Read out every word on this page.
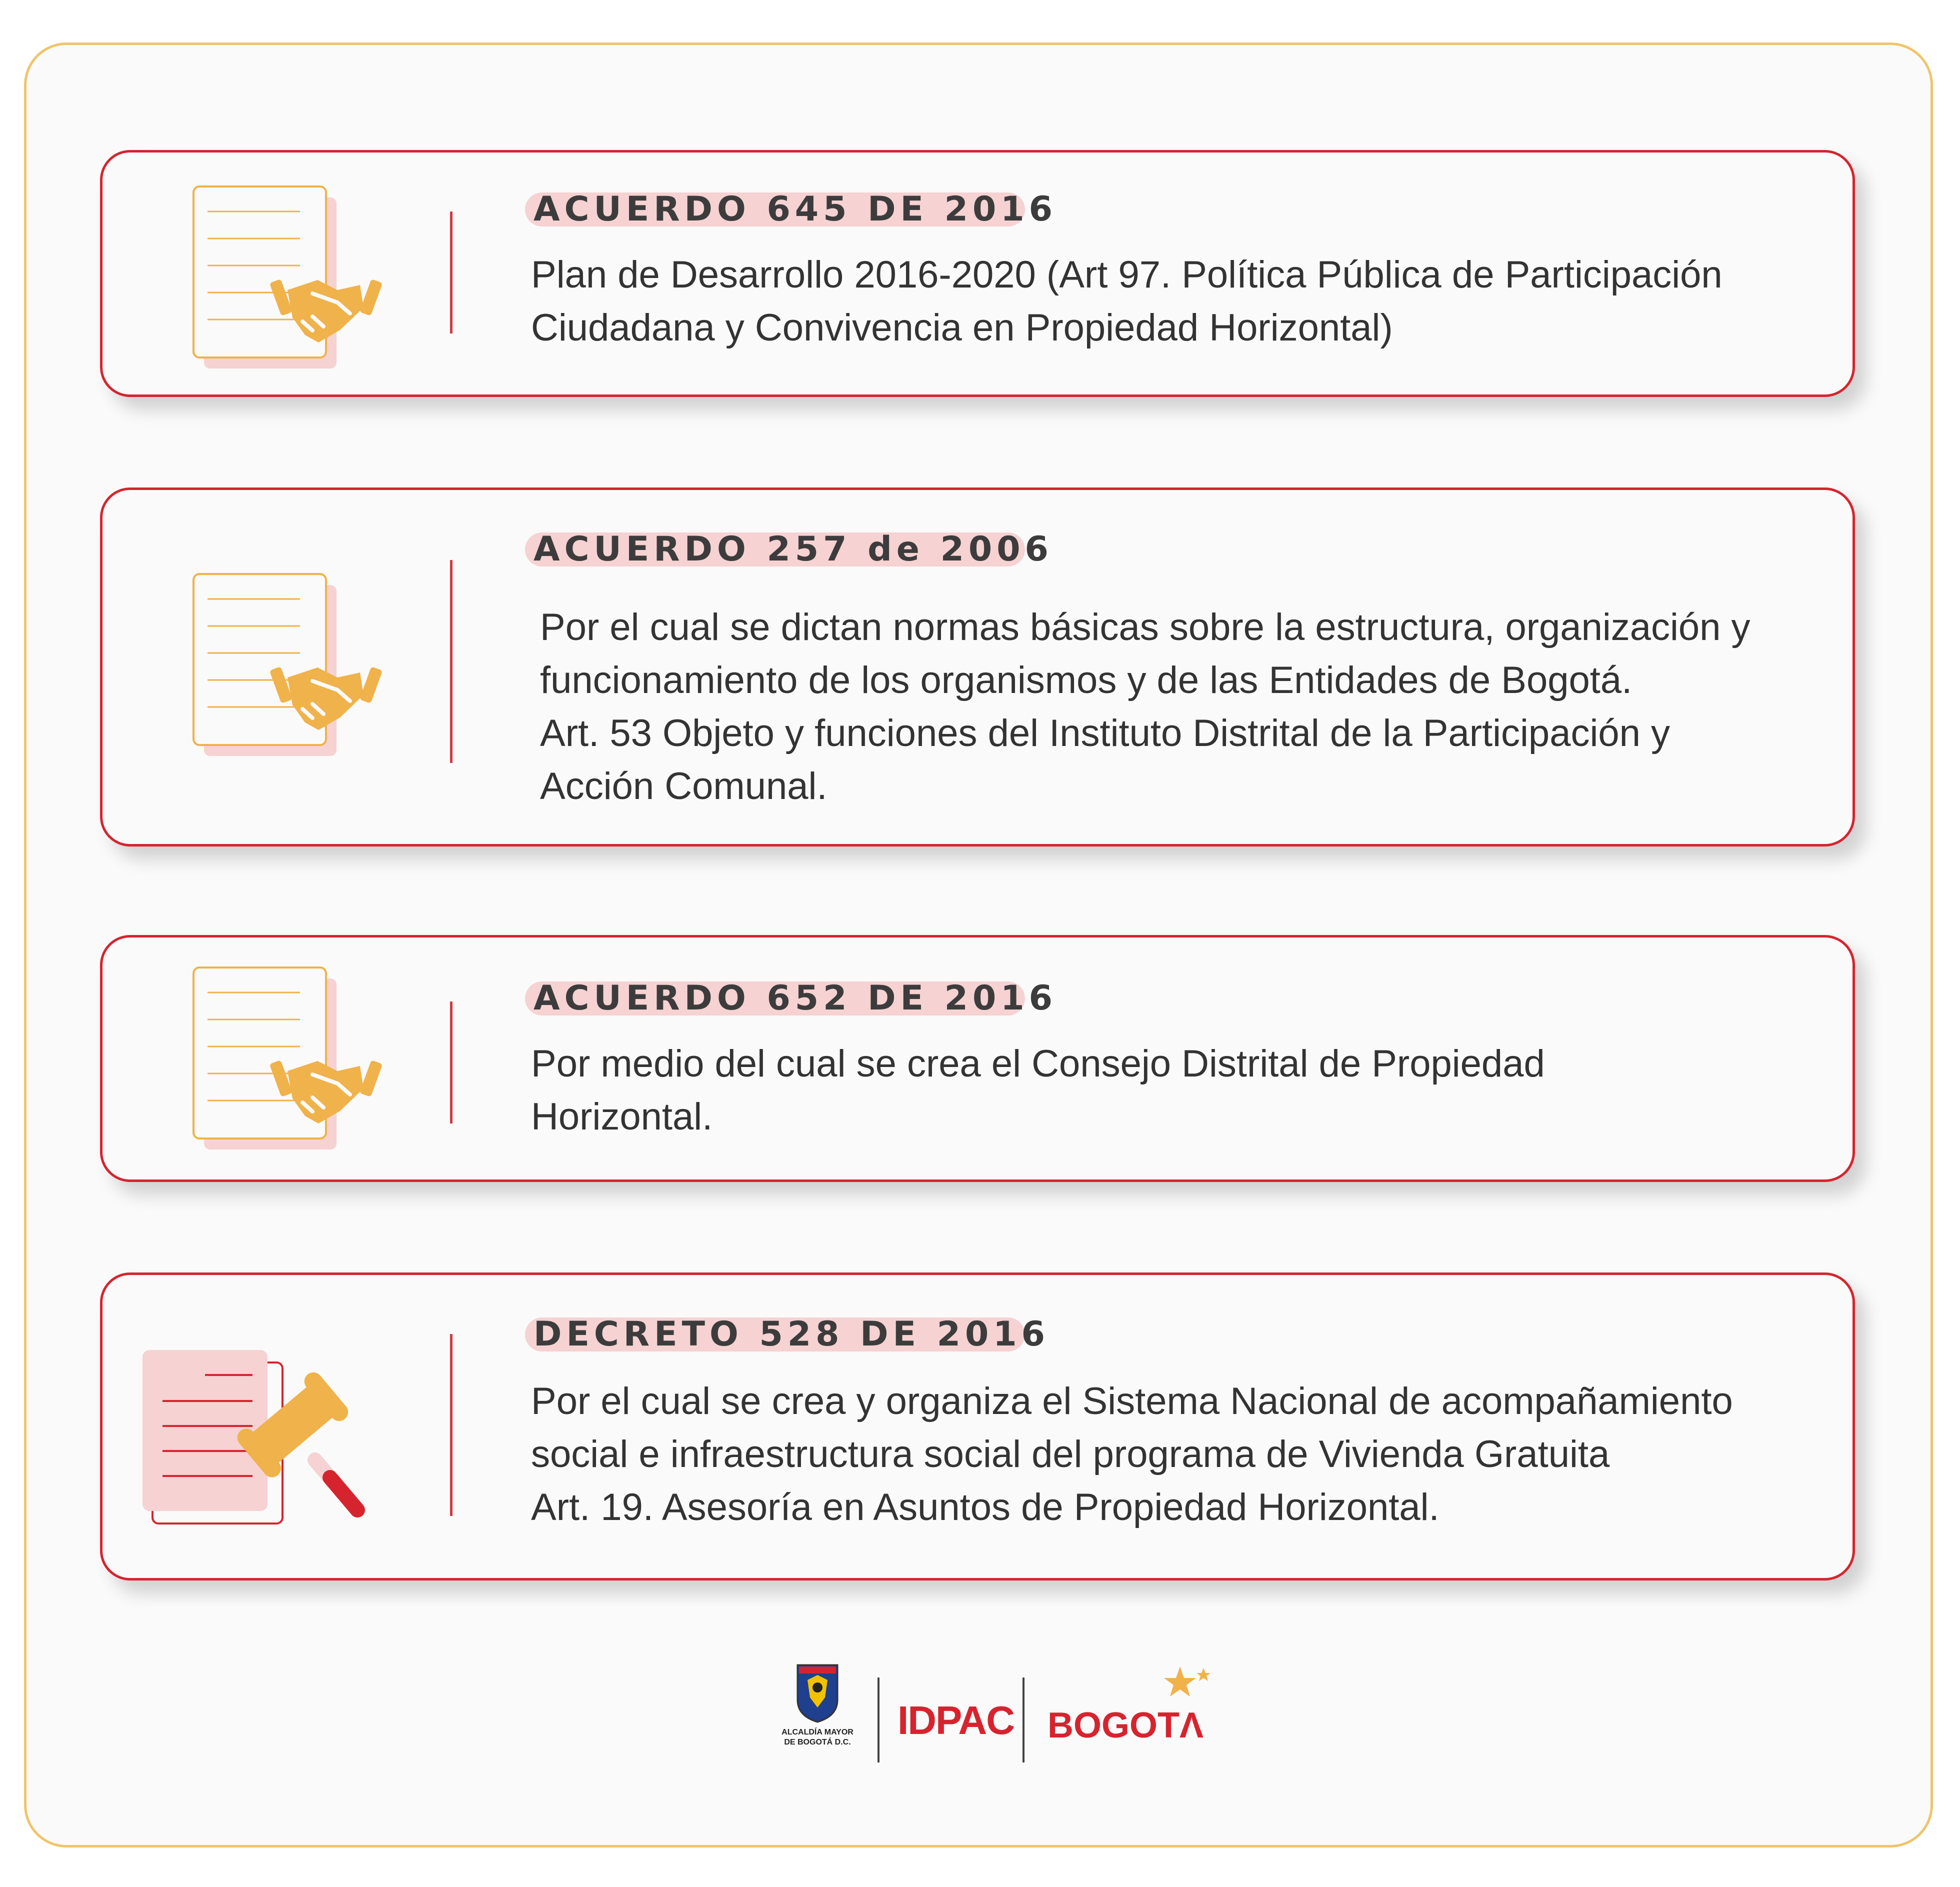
ACUERDO 645 DE 2016
Plan de Desarrollo 2016-2020 (Art 97. Política Pública de Participación
Ciudadana y Convivencia en Propiedad Horizontal)
ACUERDO 257 de 2006
Por el cual se dictan normas básicas sobre la estructura, organización y
funcionamiento de los organismos y de las Entidades de Bogotá.
Art. 53 Objeto y funciones del Instituto Distrital de la Participación y
Acción Comunal.
ACUERDO 652 DE 2016
Por medio del cual se crea el Consejo Distrital de Propiedad
Horizontal.
DECRETO 528 DE 2016
Por el cual se crea y organiza el Sistema Nacional de acompañamiento
social e infraestructura social del programa de Vivienda Gratuita
Art. 19. Asesoría en Asuntos de Propiedad Horizontal.
ALCALDÍA MAYOR
DE BOGOTÁ D.C. IDPAC BOGOTΛ
